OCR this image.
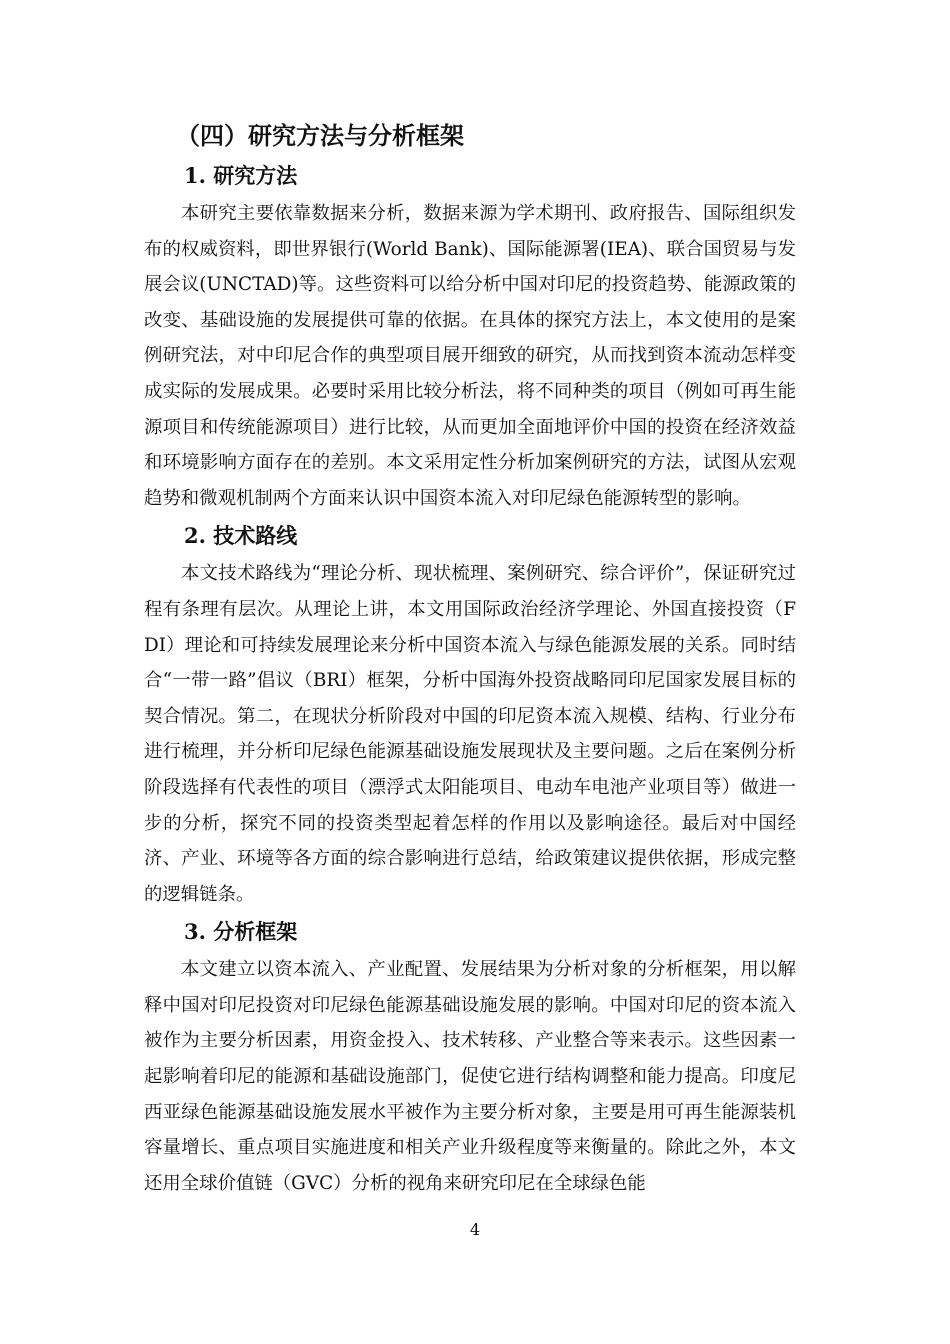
（四）研究方法与分析框架
1. 研究方法

本研究主要依靠数据来分析，数据来源为学术期刊、政府报告、国际组织发布的权威资料，即世界银行(World Bank)、国际能源署(IEA)、联合国贸易与发展会议(UNCTAD)等。这些资料可以给分析中国对印尼的投资趋势、能源政策的改变、基础设施的发展提供可靠的依据。在具体的探究方法上，本文使用的是案例研究法，对中印尼合作的典型项目展开细致的研究，从而找到资本流动怎样变成实际的发展成果。必要时采用比较分析法，将不同种类的项目（例如可再生能源项目和传统能源项目）进行比较，从而更加全面地评价中国的投资在经济效益和环境影响方面存在的差别。本文采用定性分析加案例研究的方法，试图从宏观趋势和微观机制两个方面来认识中国资本流入对印尼绿色能源转型的影响。

2. 技术路线

本文技术路线为“理论分析、现状梳理、案例研究、综合评价”，保证研究过程有条理有层次。从理论上讲，本文用国际政治经济学理论、外国直接投资（FDI）理论和可持续发展理论来分析中国资本流入与绿色能源发展的关系。同时结合“一带一路”倡议（BRI）框架，分析中国海外投资战略同印尼国家发展目标的契合情况。第二，在现状分析阶段对中国的印尼资本流入规模、结构、行业分布进行梳理，并分析印尼绿色能源基础设施发展现状及主要问题。之后在案例分析阶段选择有代表性的项目（漂浮式太阳能项目、电动车电池产业项目等）做进一步的分析，探究不同的投资类型起着怎样的作用以及影响途径。最后对中国经济、产业、环境等各方面的综合影响进行总结，给政策建议提供依据，形成完整的逻辑链条。

3. 分析框架

本文建立以资本流入、产业配置、发展结果为分析对象的分析框架，用以解释中国对印尼投资对印尼绿色能源基础设施发展的影响。中国对印尼的资本流入被作为主要分析因素，用资金投入、技术转移、产业整合等来表示。这些因素一起影响着印尼的能源和基础设施部门，促使它进行结构调整和能力提高。印度尼西亚绿色能源基础设施发展水平被作为主要分析对象，主要是用可再生能源装机容量增长、重点项目实施进度和相关产业升级程度等来衡量的。除此之外，本文还用全球价值链（GVC）分析的视角来研究印尼在全球绿色能

4
